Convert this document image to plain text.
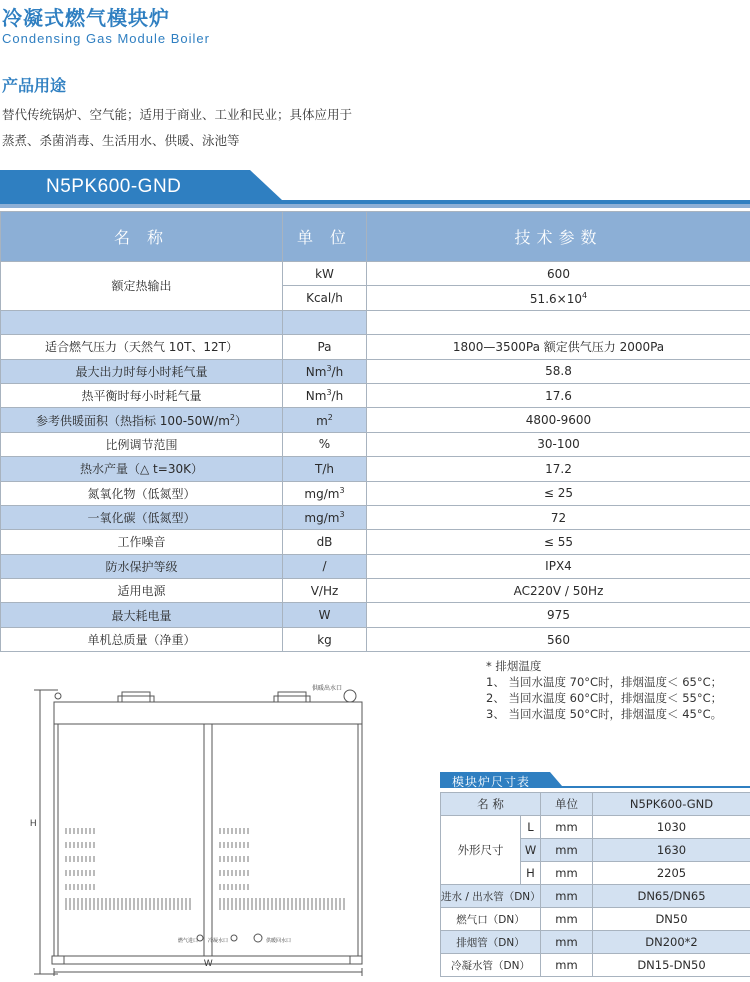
冷凝式燃气模块炉
Condensing Gas Module Boiler
产品用途
替代传统锅炉、空气能；适用于商业、工业和民业；具体应用于
蒸煮、杀菌消毒、生活用水、供暖、泳池等
N5PK600-GND
名 称	单 位	技术参数
额定热输出	kW	600
	Kcal/h	$51.6\times 10^4$

适合燃气压力（天然气 10T、12T）	Pa	1800—3500Pa 额定供气压力 2000Pa
最大出力时每小时耗气量	Nm$^3$/h	58.8
热平衡时每小时耗气量	Nm$^3$/h	17.6
参考供暖面积（热指标 $100-50W/m^2$）	$m^2$	4800-9600
比例调节范围	%	30-100
热水产量（△ t=30K）	T/h	17.2
氮氧化物（低氮型）	$mg/m^3$	≤ 25
一氧化碳（低氮型）	$mg/m^3$	72
工作噪音	dB	≤ 55
防水保护等级	/	IPX4
适用电源	V/Hz	AC220V / 50Hz
最大耗电量	W	975
单机总质量（净重）	kg	560
* 排烟温度
1、 当回水温度 70°C时，排烟温度＜ 65°C；
2、 当回水温度 60°C时，排烟温度＜ 55°C；
3、 当回水温度 50°C时，排烟温度＜ 45°C。
H
W
供暖出水口
燃气进口 冷凝水口	供暖回水口
模块炉尺寸表
名 称		单位	N5PK600-GND
外形尺寸	L	mm	1030
	W	mm	1630
	H	mm	2205
进水 / 出水管（DN）		mm	DN65/DN65
燃气口（DN）		mm	DN50
排烟管（DN）		mm	DN200*2
冷凝水管（DN）		mm	DN15-DN50
